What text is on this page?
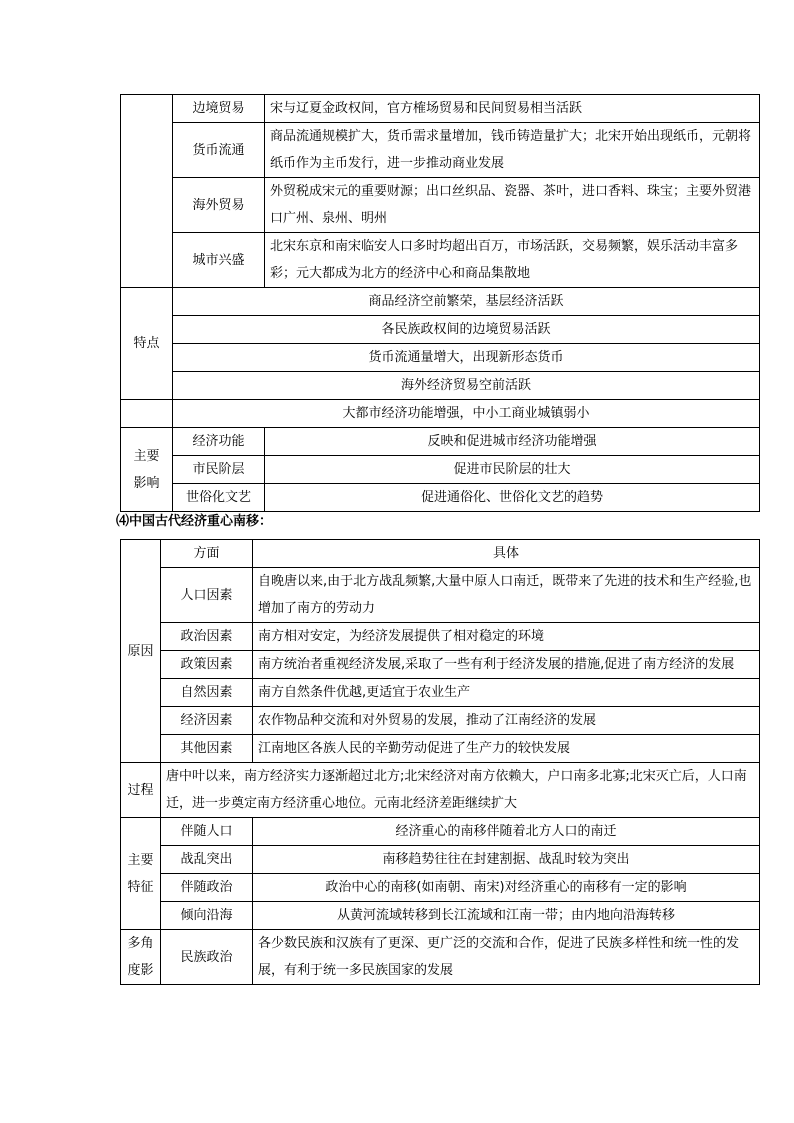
	边境贸易	宋与辽夏金政权间，官方榷场贸易和民间贸易相当活跃
	货币流通	商品流通规模扩大，货币需求量增加，钱币铸造量扩大；北宋开始出现纸币，元朝将纸币作为主币发行，进一步推动商业发展
	海外贸易	外贸税成宋元的重要财源；出口丝织品、瓷器、茶叶，进口香料、珠宝；主要外贸港口广州、泉州、明州
	城市兴盛	北宋东京和南宋临安人口多时均超出百万，市场活跃，交易频繁，娱乐活动丰富多彩；元大都成为北方的经济中心和商品集散地
特点	商品经济空前繁荣，基层经济活跃	
	各民族政权间的边境贸易活跃	
	货币流通量增大，出现新形态货币	
	海外经济贸易空前活跃	
	大都市经济功能增强，中小工商业城镇弱小	

主要
影响	经济功能	反映和促进城市经济功能增强
	市民阶层	促进市民阶层的壮大
	世俗化文艺	促进通俗化、世俗化文艺的趋势
⑷中国古代经济重心南移：
原因	方面	具体
	人口因素	自晚唐以来,由于北方战乱频繁,大量中原人口南迁，既带来了先进的技术和生产经验,也增加了南方的劳动力
	政治因素	南方相对安定，为经济发展提供了相对稳定的环境
	政策因素	南方统治者重视经济发展,采取了一些有利于经济发展的措施,促进了南方经济的发展
	自然因素	南方自然条件优越,更适宜于农业生产
	经济因素	农作物品种交流和对外贸易的发展，推动了江南经济的发展
	其他因素	江南地区各族人民的辛勤劳动促进了生产力的较快发展
过程	唐中叶以来，南方经济实力逐渐超过北方;北宋经济对南方依赖大，户口南多北寡;北宋灭亡后，人口南迁，进一步奠定南方经济重心地位。元南北经济差距继续扩大	

主要
特征	伴随人口	经济重心的南移伴随着北方人口的南迁
	战乱突出	南移趋势往往在封建割据、战乱时较为突出
	伴随政治	政治中心的南移(如南朝、南宋)对经济重心的南移有一定的影响
	倾向沿海	从黄河流域转移到长江流域和江南一带；由内地向沿海转移

多角
度影	民族政治	各少数民族和汉族有了更深、更广泛的交流和合作，促进了民族多样性和统一性的发展，有利于统一多民族国家的发展
